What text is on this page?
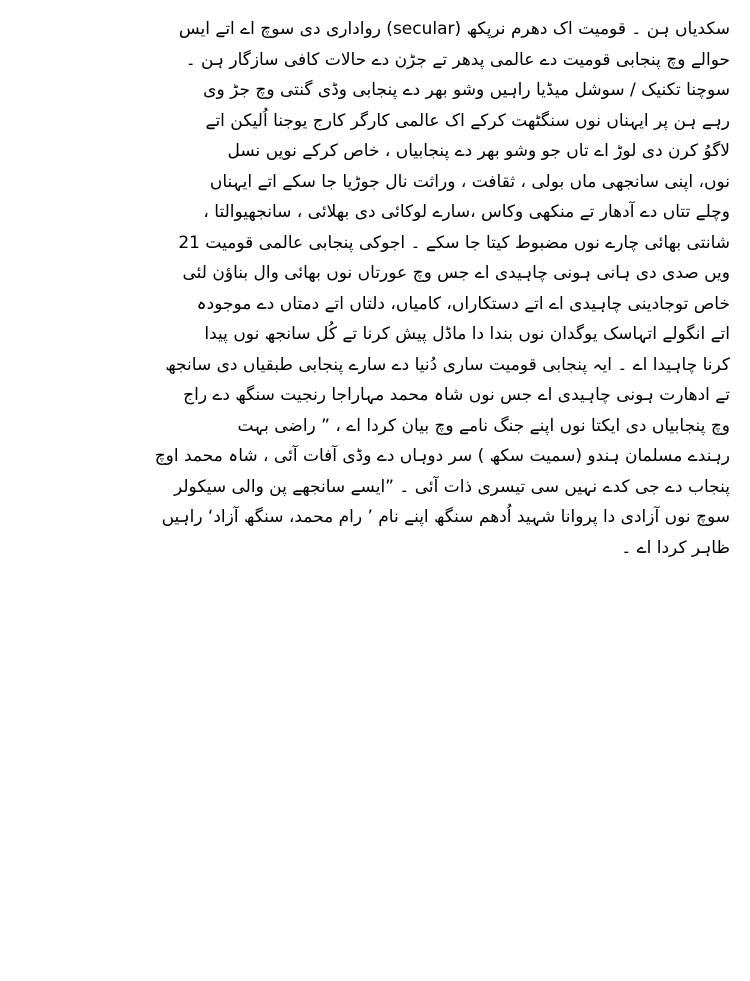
سکدیاں ہن ۔ قومیت اک دھرم نرپکھ (secular) رواداری دی سوچ اے اتے ایس
حوالے وچ پنجابی قومیت دے عالمی پدھر تے جڑن دے حالات کافی سازگار ہن ۔
سوچنا تکنیک / سوشل میڈیا راہیں وشو بھر دے پنجابی وڈی گنتی وچ جڑ وی
رہے ہن پر ایہناں نوں سنگٹھت کرکے اک عالمی کارگر کارج یوجنا اُلیکن اتے
لاگوُ کرن دی لوڑ اے تاں جو وشو بھر دے پنجابیاں ، خاص کرکے نویں نسل
نوں، اپنی سانجھی ماں بولی ، ثقافت ، وراثت نال جوڑیا جا سکے اتے ایہناں
وچلے تتاں دے آدھار تے منکھی وکاس ،سارے لوکائی دی بھلائی ، سانجھیوالتا ،
شانتی بھائی چارے نوں مضبوط کیتا جا سکے ۔ اجوکی پنجابی عالمی قومیت 21
ویں صدی دی ہانی ہونی چاہیدی اے جس وچ عورتاں نوں بھائی وال بناؤن لئی
خاص توجادینی چاہیدی اے اتے دستکاراں، کامیاں، دلتاں اتے دمتاں دے موجودہ
اتے انگولے اتہاسک یوگدان نوں بندا دا ماڈل پیش کرنا تے کُل سانجھ نوں پیدا
کرنا چاہیدا اے ۔ ایہ پنجابی قومیت ساری دُنیا دے سارے پنجابی طبقیاں دی سانجھ
تے ادھارت ہونی چاہیدی اے جس نوں شاہ محمد مہاراجا رنجیت سنگھ دے راج
وچ پنجابیاں دی ایکتا نوں اپنے جنگ نامے وچ بیان کردا اے ، ” راضی بہت
رہندے مسلمان ہندو (سمیت سکھ ) سر دوہاں دے وڈی آفات آئی ، شاہ محمد اوچ
پنجاب دے جی کدے نہیں سی تیسری ذات آئی ۔ ”ایسے سانجھے پن والی سیکولر
سوچ نوں آزادی دا پروانا شہید اُدھم سنگھ اپنے نام ’ رام محمد، سنگھ آزاد‘ راہیں
ظاہر کردا اے ۔
